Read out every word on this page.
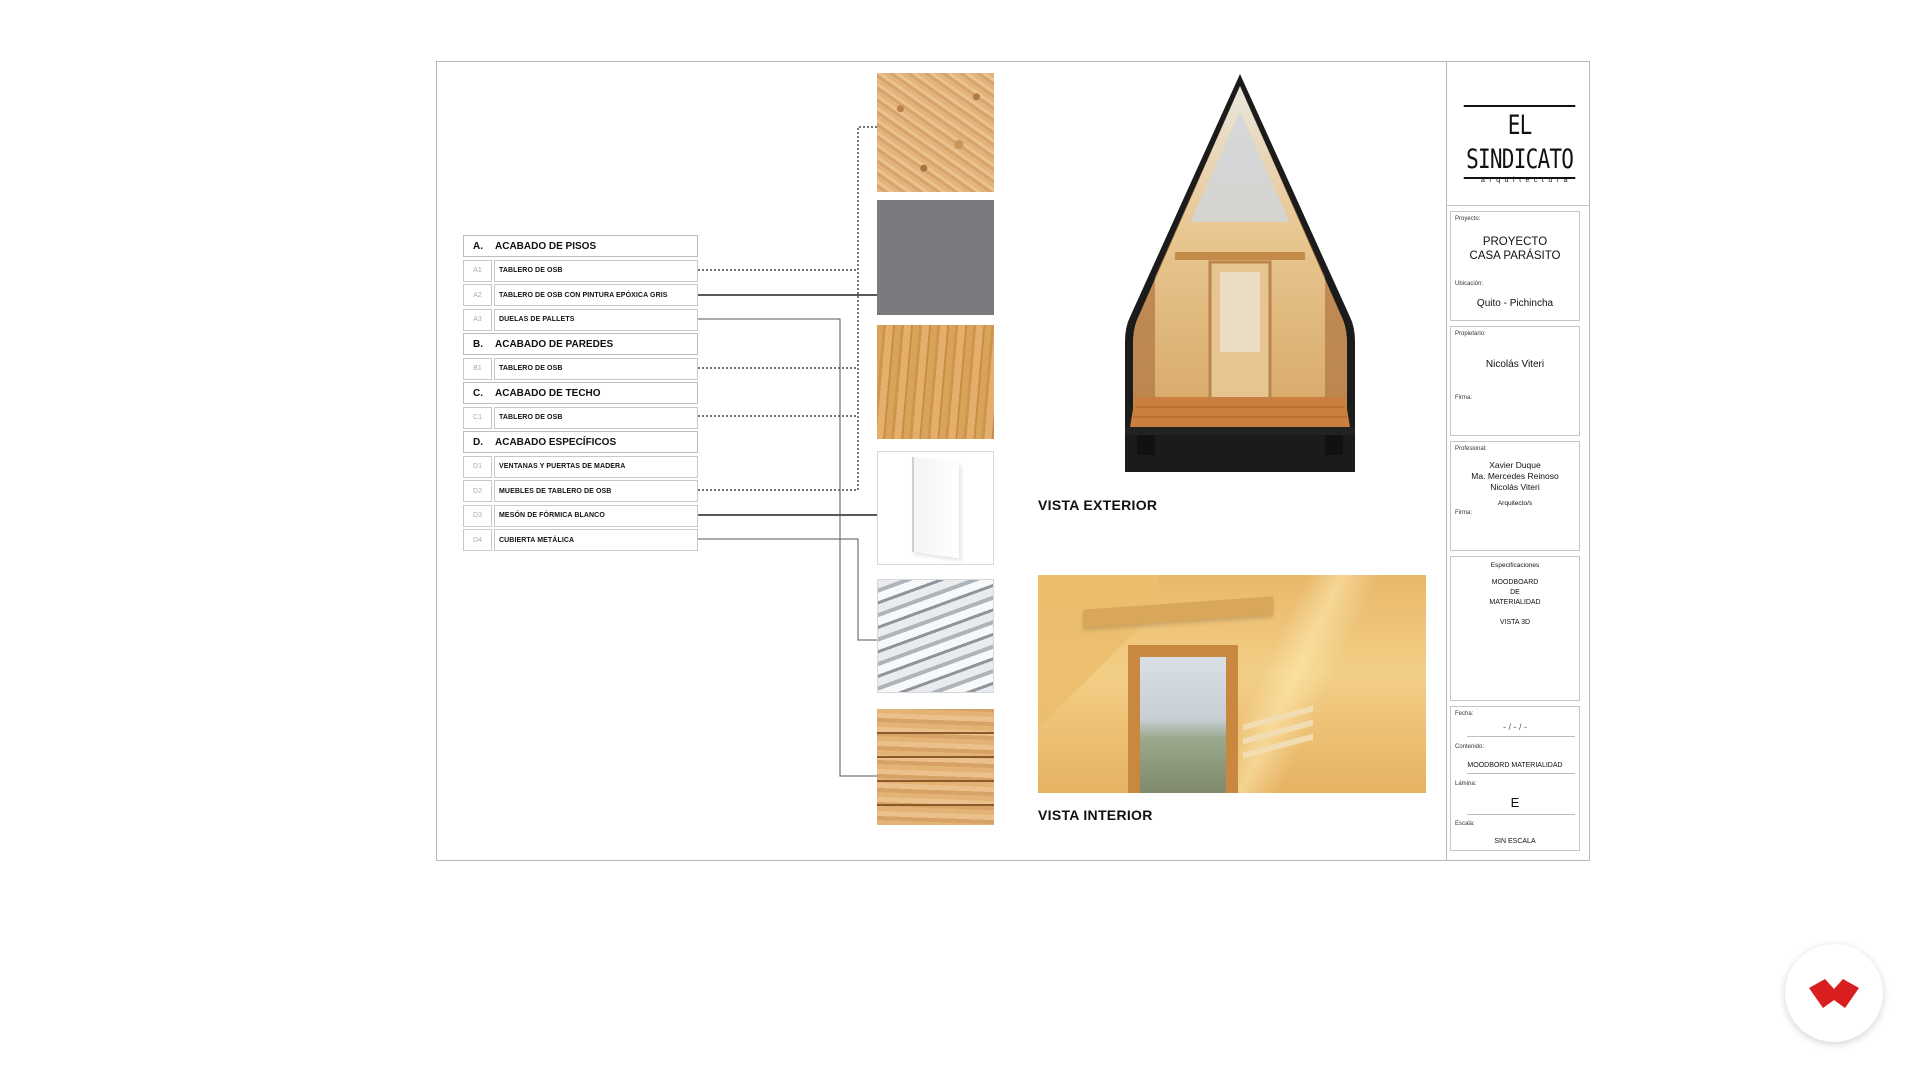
A.	ACABADO DE PISOS
A1	TABLERO DE OSB
A2	TABLERO DE OSB CON PINTURA EPÓXICA GRIS
A3	DUELAS DE PALLETS
B.	ACABADO DE PAREDES
B1	TABLERO DE OSB
C.	ACABADO DE TECHO
C1	TABLERO DE OSB
D.	ACABADO ESPECÍFICOS
D1	VENTANAS Y PUERTAS DE MADERA
D2	MUEBLES DE TABLERO DE OSB
D3	MESÓN DE FÓRMICA BLANCO
D4	CUBIERTA METÁLICA
VISTA EXTERIOR
VISTA INTERIOR
EL SINDICATO
arquitectura
Proyecto:
PROYECTO
CASA PARÁSITO
Ubicación:
Quito - Pichincha
Propietario:
Nicolás Viteri
Firma:
Profesional:
Xavier Duque
Ma. Mercedes Reinoso
Nicolás Viteri
Arquitecto/s
Firma:
Especificaciones
MOODBOARD
DE
MATERIALIDAD
VISTA 3D
Fecha:
- / - / -
Contenido:
MOODBORD MATERIALIDAD
Lámina:
E
Escala:
SIN ESCALA
